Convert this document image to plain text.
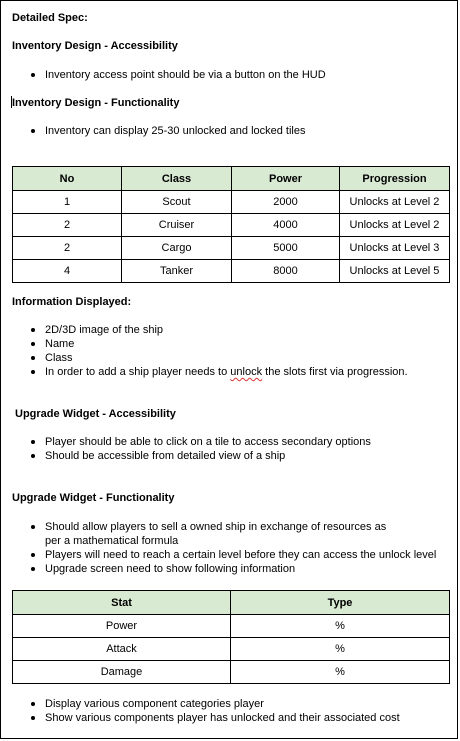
Detailed Spec:
Inventory Design - Accessibility
Inventory access point should be via a button on the HUD
Inventory Design - Functionality
Inventory can display 25-30 unlocked and locked tiles
No	Class	Power	Progression
1	Scout	2000	Unlocks at Level 2
2	Cruiser	4000	Unlocks at Level 2
2	Cargo	5000	Unlocks at Level 3
4	Tanker	8000	Unlocks at Level 5
Information Displayed:
2D/3D image of the ship
Name
Class
In order to add a ship player needs to unlock the slots first via progression.
Upgrade Widget - Accessibility
Player should be able to click on a tile to access secondary options
Should be accessible from detailed view of a ship
Upgrade Widget - Functionality
Should allow players to sell a owned ship in exchange of resources as per a mathematical formula
Players will need to reach a certain level before they can access the unlock level
Upgrade screen need to show following information
Stat	Type
Power	%
Attack	%
Damage	%
Display various component categories player
Show various components player has unlocked and their associated cost
